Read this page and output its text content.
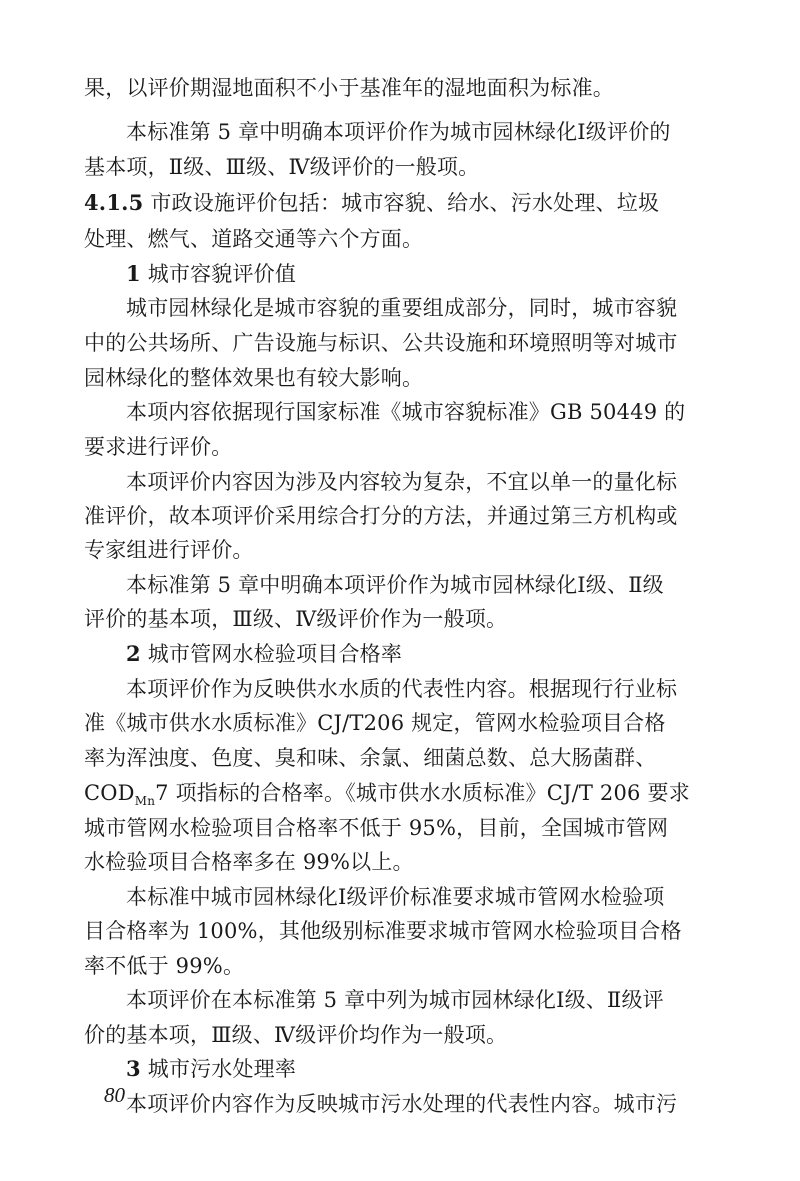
果，以评价期湿地面积不小于基准年的湿地面积为标准。
本标准第 5 章中明确本项评价作为城市园林绿化Ⅰ级评价的
基本项，Ⅱ级、Ⅲ级、Ⅳ级评价的一般项。
4.1.5 市政设施评价包括：城市容貌、给水、污水处理、垃圾
处理、燃气、道路交通等六个方面。
1 城市容貌评价值
城市园林绿化是城市容貌的重要组成部分，同时，城市容貌
中的公共场所、广告设施与标识、公共设施和环境照明等对城市
园林绿化的整体效果也有较大影响。
本项内容依据现行国家标准《城市容貌标准》GB 50449 的
要求进行评价。
本项评价内容因为涉及内容较为复杂，不宜以单一的量化标
准评价，故本项评价采用综合打分的方法，并通过第三方机构或
专家组进行评价。
本标准第 5 章中明确本项评价作为城市园林绿化Ⅰ级、Ⅱ级
评价的基本项，Ⅲ级、Ⅳ级评价作为一般项。
2 城市管网水检验项目合格率
本项评价作为反映供水水质的代表性内容。根据现行行业标
准《城市供水水质标准》CJ/T206 规定，管网水检验项目合格
率为浑浊度、色度、臭和味、余氯、细菌总数、总大肠菌群、
$COD_{Mn}7$ 项指标的合格率。《城市供水水质标准》CJ/T 206 要求
城市管网水检验项目合格率不低于 95%，目前，全国城市管网
水检验项目合格率多在 99%以上。
本标准中城市园林绿化Ⅰ级评价标准要求城市管网水检验项
目合格率为 100%，其他级别标准要求城市管网水检验项目合格
率不低于 99%。
本项评价在本标准第 5 章中列为城市园林绿化Ⅰ级、Ⅱ级评
价的基本项，Ⅲ级、Ⅳ级评价均作为一般项。
3 城市污水处理率
本项评价内容作为反映城市污水处理的代表性内容。城市污
80
